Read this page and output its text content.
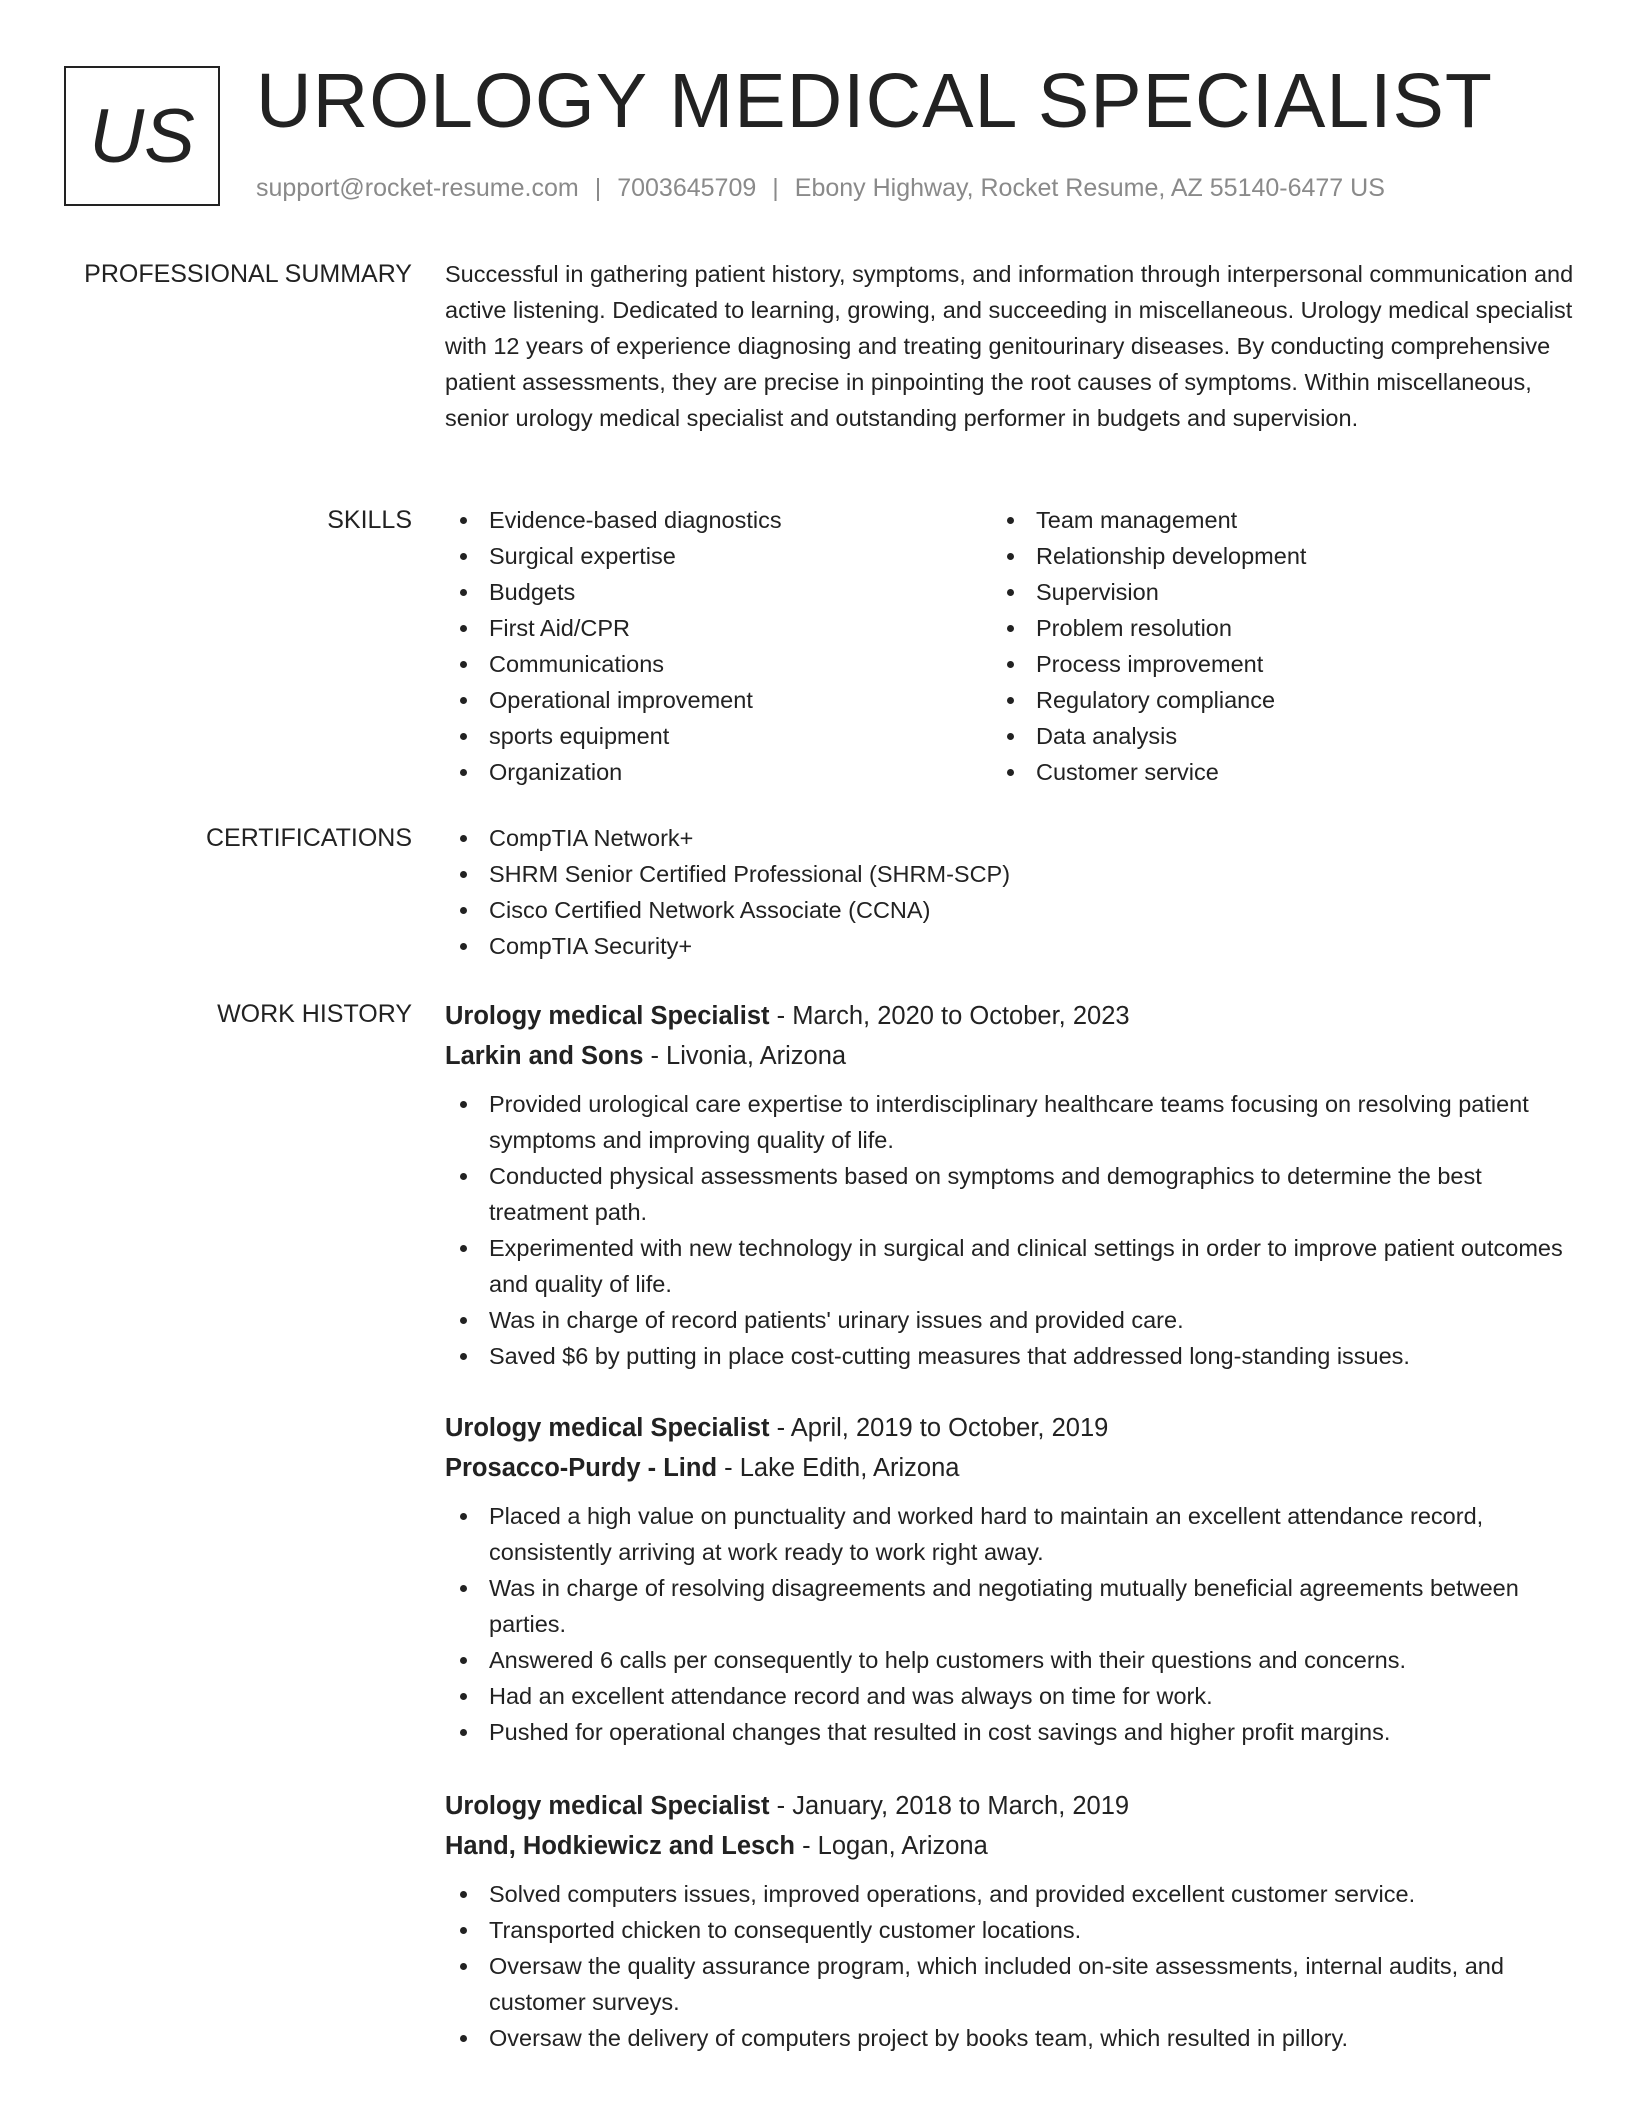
US UROLOGY MEDICAL SPECIALIST
support@rocket-resume.com | 7003645709 | Ebony Highway, Rocket Resume, AZ 55140-6477 US
PROFESSIONAL SUMMARY Successful in gathering patient history, symptoms, and information through interpersonal communication and active listening. Dedicated to learning, growing, and succeeding in miscellaneous. Urology medical specialist with 12 years of experience diagnosing and treating genitourinary diseases. By conducting comprehensive patient assessments, they are precise in pinpointing the root causes of symptoms. Within miscellaneous, senior urology medical specialist and outstanding performer in budgets and supervision.

SKILLS	Evidence-based diagnostics
Surgical expertise
Budgets
First Aid/CPR
Communications
Operational improvement
sports equipment
Organization
Team management
Relationship development
Supervision
Problem resolution
Process improvement
Regulatory compliance
Data analysis
Customer service
CERTIFICATIONS	CompTIA Network+
SHRM Senior Certified Professional (SHRM-SCP)
Cisco Certified Network Associate (CCNA)
CompTIA Security+
WORK HISTORY Urology medical Specialist - March, 2020 to October, 2023
Larkin and Sons - Livonia, Arizona
Provided urological care expertise to interdisciplinary healthcare teams focusing on resolving patient symptoms and improving quality of life.
Conducted physical assessments based on symptoms and demographics to determine the best treatment path.
Experimented with new technology in surgical and clinical settings in order to improve patient outcomes and quality of life.
Was in charge of record patients' urinary issues and provided care.
Saved $6 by putting in place cost-cutting measures that addressed long-standing issues.
Urology medical Specialist - April, 2019 to October, 2019
Prosacco-Purdy - Lind - Lake Edith, Arizona
Placed a high value on punctuality and worked hard to maintain an excellent attendance record, consistently arriving at work ready to work right away.
Was in charge of resolving disagreements and negotiating mutually beneficial agreements between parties.
Answered 6 calls per consequently to help customers with their questions and concerns.
Had an excellent attendance record and was always on time for work.
Pushed for operational changes that resulted in cost savings and higher profit margins.
Urology medical Specialist - January, 2018 to March, 2019
Hand, Hodkiewicz and Lesch - Logan, Arizona
Solved computers issues, improved operations, and provided excellent customer service.
Transported chicken to consequently customer locations.
Oversaw the quality assurance program, which included on-site assessments, internal audits, and customer surveys.
Oversaw the delivery of computers project by books team, which resulted in pillory.
